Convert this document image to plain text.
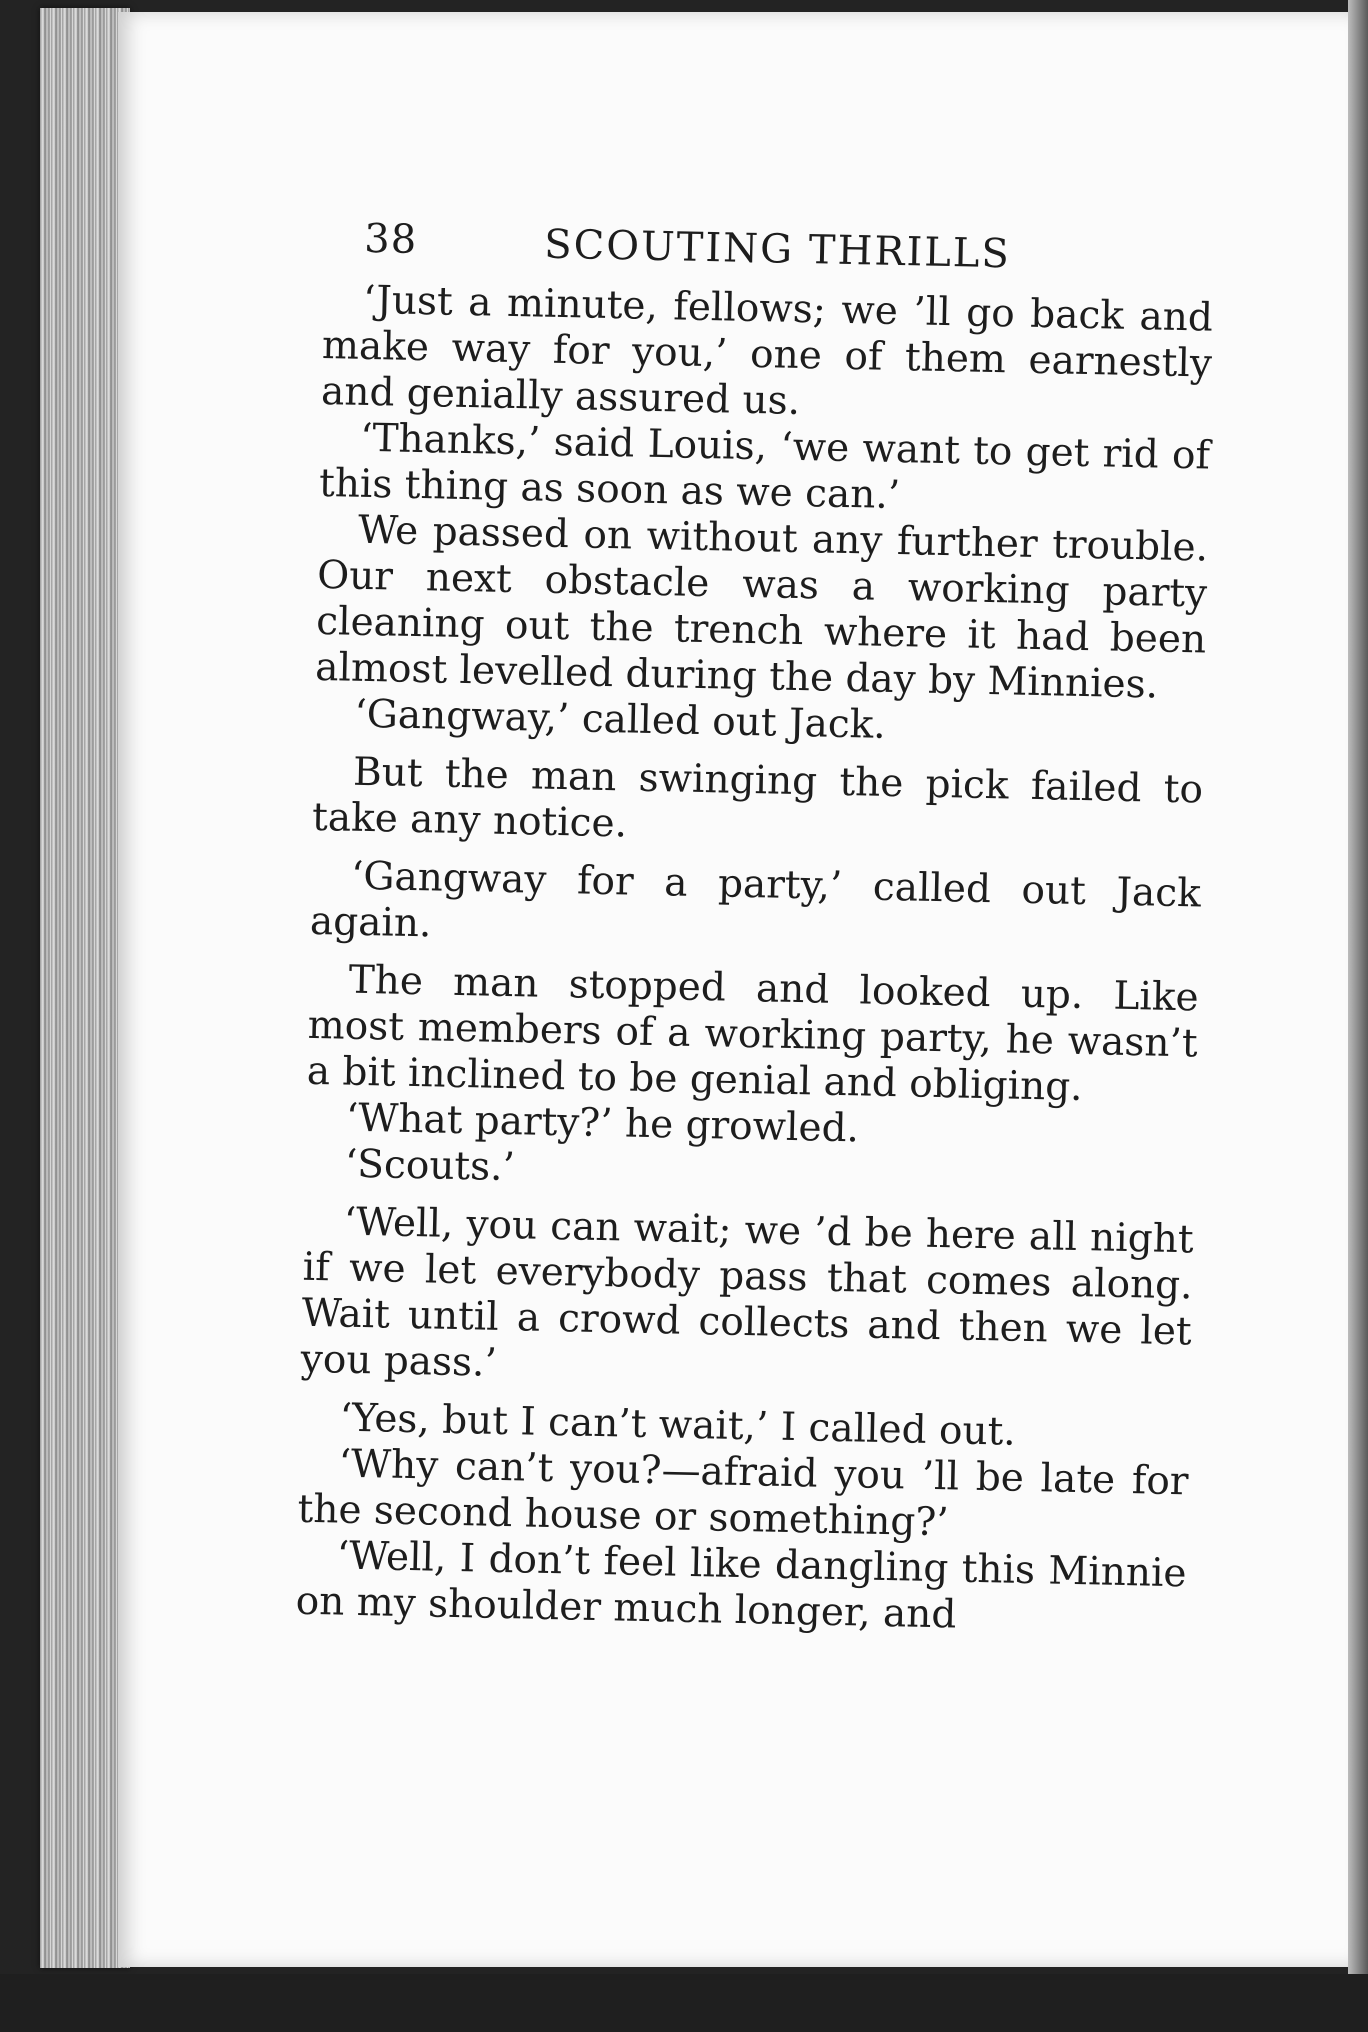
38	SCOUTING THRILLS

‘Just a minute, fellows; we ’ll go back and make way for you,’ one of them earnestly and genially assured us.

‘Thanks,’ said Louis, ‘we want to get rid of this thing as soon as we can.’

We passed on without any further trouble. Our next obstacle was a working party cleaning out the trench where it had been almost levelled during the day by Minnies.

‘Gangway,’ called out Jack.

But the man swinging the pick failed to take any notice.

‘Gangway for a party,’ called out Jack again.

The man stopped and looked up. Like most members of a working party, he wasn’t a bit inclined to be genial and obliging.

‘What party?’ he growled.

‘Scouts.’

‘Well, you can wait; we ’d be here all night if we let everybody pass that comes along. Wait until a crowd collects and then we let you pass.’

‘Yes, but I can’t wait,’ I called out.

‘Why can’t you?—afraid you ’ll be late for the second house or something?’

‘Well, I don’t feel like dangling this Minnie on my shoulder much longer, and
